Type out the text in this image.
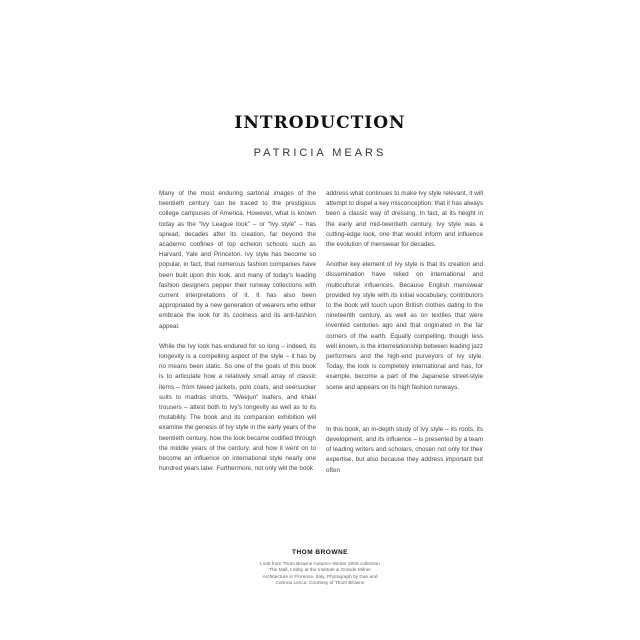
INTRODUCTION
PATRICIA MEARS

Many of the most enduring sartorial images of the twentieth century can be traced to the prestigious college campuses of America. However, what is known today as the “Ivy League look” – or “Ivy style” – has spread, decades after its creation, far beyond the academic confines of top echelon schools such as Harvard, Yale and Princeton. Ivy style has become so popular, in fact, that numerous fashion companies have been built upon this look, and many of today’s leading fashion designers pepper their runway collections with current interpretations of it. It has also been appropriated by a new generation of wearers who either embrace the look for its coolness and its anti-fashion appeal.

While the Ivy look has endured for so long – indeed, its longevity is a compelling aspect of the style – it has by no means been static. So one of the goals of this book is to articulate how a relatively small array of classic items – from tweed jackets, polo coats, and seersucker suits to madras shorts, “Weejun” loafers, and khaki trousers – attest both to Ivy’s longevity as well as to its mutability. The book and its companion exhibition will examine the genesis of Ivy style in the early years of the twentieth century, how the look became codified through the middle years of the century, and how it went on to become an influence on international style nearly one hundred years later. Furthermore, not only will the book

address what continues to make Ivy style relevant, it will attempt to dispel a key misconception: that it has always been a classic way of dressing. In fact, at its height in the early and mid-twentieth century, Ivy style was a cutting-edge look, one that would inform and influence the evolution of menswear for decades.

Another key element of Ivy style is that its creation and dissemination have relied on international and multicultural influences. Because English menswear provided Ivy style with its initial vocabulary, contributors to the book will touch upon British clothes dating to the nineteenth century, as well as on textiles that were invented centuries ago and that originated in the far corners of the earth. Equally compelling, though less well known, is the interrelationship between leading jazz performers and the high-end purveyors of Ivy style. Today, the look is completely international and has, for example, become a part of the Japanese street-style scene and appears on its high fashion runways.

In this book, an in-depth study of Ivy style – its roots, its development, and its influence – is presented by a team of leading writers and scholars, chosen not only for their expertise, but also because they address important but often

THOM BROWNE
Look from Thom Browne Autumn–Winter 2009 collection
The Mall, Lobby at the Institute & Grande Milner
Architecture in Florence, Italy. Photograph by Dan and
Corinna Lecca. Courtesy of Thom Browne
